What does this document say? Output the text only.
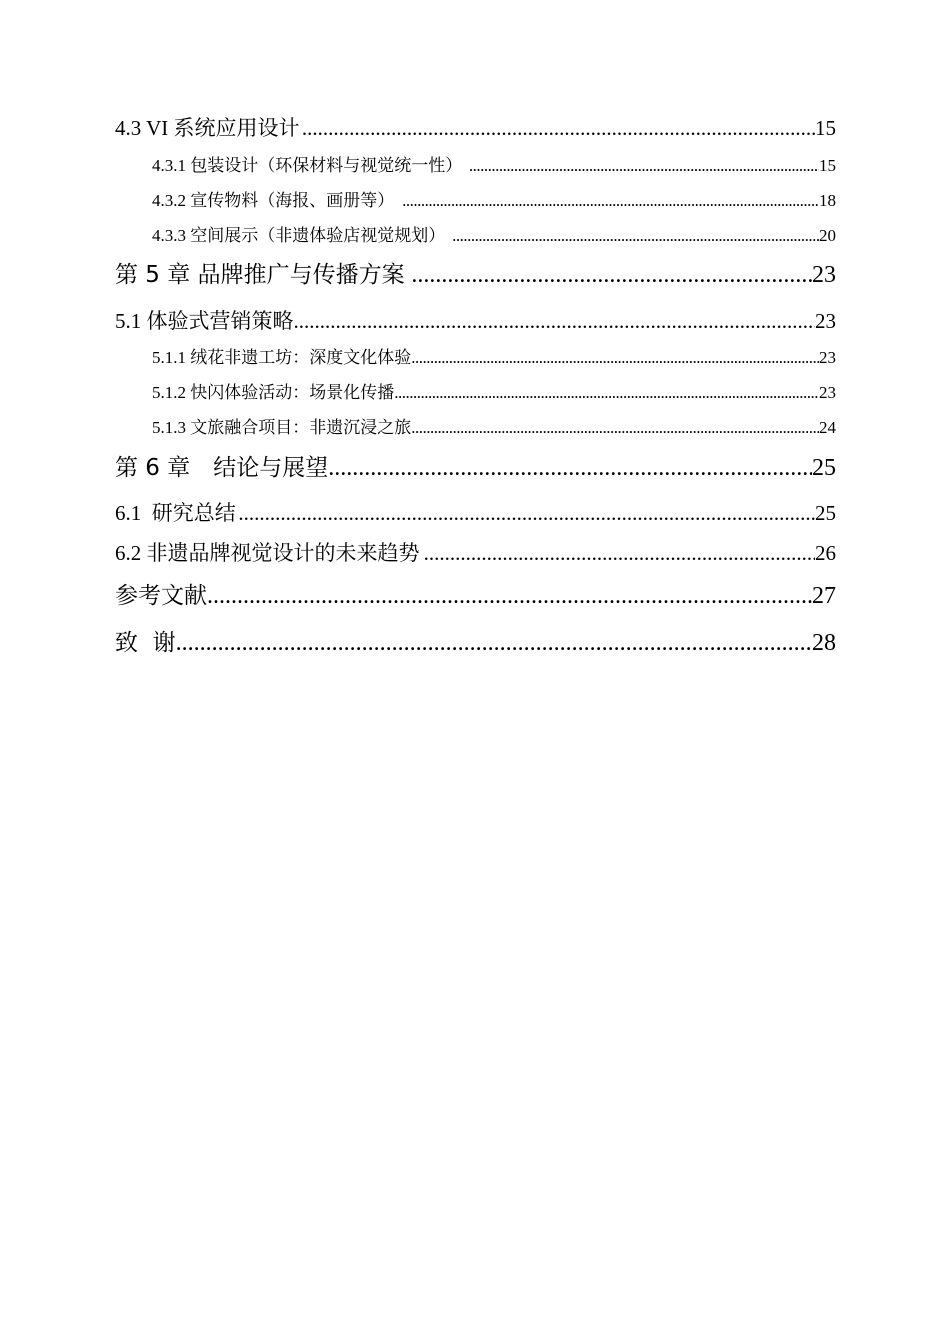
4.3 VI 系统应用设计 .....	15
4.3.1 包装设计（环保材料与视觉统一性） .....	15
4.3.2 宣传物料（海报、画册等） .....	18
4.3.3 空间展示（非遗体验店视觉规划） .....	20
第 5 章 品牌推广与传播方案 .....	23
5.1 体验式营销策略 .....	23
5.1.1 绒花非遗工坊：深度文化体验 .....	23
5.1.2 快闪体验活动：场景化传播 .....	23
5.1.3 文旅融合项目：非遗沉浸之旅 .....	24
第 6 章　结论与展望 .....	25
6.1  研究总结 .....	25
6.2 非遗品牌视觉设计的未来趋势 .....	26
参考文献 .....	27
致  谢 .....	28
